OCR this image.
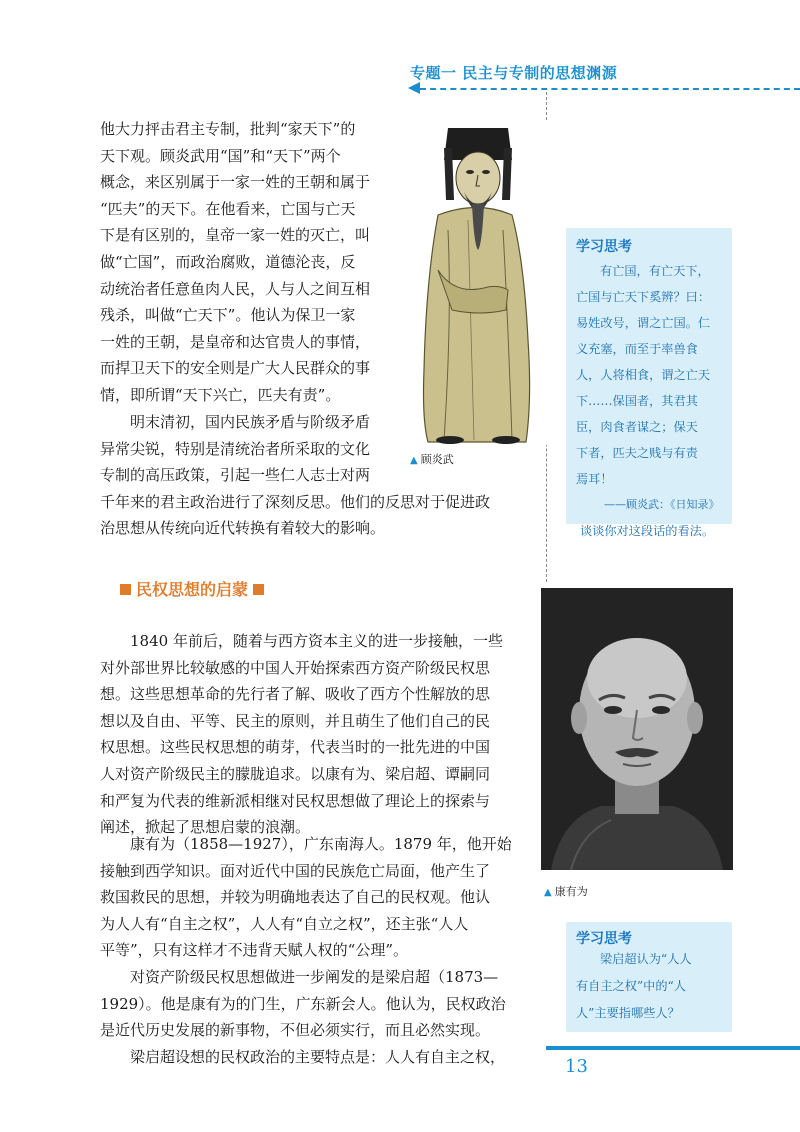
专题一 民主与专制的思想渊源
他大力抨击君主专制，批判“家天下”的
天下观。顾炎武用“国”和“天下”两个
概念，来区别属于一家一姓的王朝和属于
“匹夫”的天下。在他看来，亡国与亡天
下是有区别的，皇帝一家一姓的灭亡，叫
做“亡国”，而政治腐败，道德沦丧，反
动统治者任意鱼肉人民，人与人之间互相
残杀，叫做“亡天下”。他认为保卫一家
一姓的王朝，是皇帝和达官贵人的事情，
而捍卫天下的安全则是广大人民群众的事
情，即所谓“天下兴亡，匹夫有责”。
明末清初，国内民族矛盾与阶级矛盾
异常尖锐，特别是清统治者所采取的文化
专制的高压政策，引起一些仁人志士对两
千年来的君主政治进行了深刻反思。他们的反思对于促进政
治思想从传统向近代转换有着较大的影响。
▲ 顾炎武
学习思考
有亡国，有亡天下，
亡国与亡天下奚辨？曰：
易姓改号，谓之亡国。仁
义充塞，而至于率兽食
人，人将相食，谓之亡天
下……保国者，其君其
臣，肉食者谋之；保天
下者，匹夫之贱与有责
焉耳！
——顾炎武：《日知录》
谈谈你对这段话的看法。
民权思想的启蒙
1840 年前后，随着与西方资本主义的进一步接触，一些
对外部世界比较敏感的中国人开始探索西方资产阶级民权思
想。这些思想革命的先行者了解、吸收了西方个性解放的思
想以及自由、平等、民主的原则，并且萌生了他们自己的民
权思想。这些民权思想的萌芽，代表当时的一批先进的中国
人对资产阶级民主的朦胧追求。以康有为、梁启超、谭嗣同
和严复为代表的维新派相继对民权思想做了理论上的探索与
阐述，掀起了思想启蒙的浪潮。
康有为（1858—1927），广东南海人。1879 年，他开始
接触到西学知识。面对近代中国的民族危亡局面，他产生了
救国救民的思想，并较为明确地表达了自己的民权观。他认
为人人有“自主之权”，人人有“自立之权”，还主张“人人
平等”，只有这样才不违背天赋人权的“公理”。
对资产阶级民权思想做进一步阐发的是梁启超（1873—
1929）。他是康有为的门生，广东新会人。他认为，民权政治
是近代历史发展的新事物，不但必须实行，而且必然实现。
梁启超设想的民权政治的主要特点是：人人有自主之权，
▲ 康有为
学习思考
梁启超认为“人人
有自主之权”中的“人
人”主要指哪些人？
13
